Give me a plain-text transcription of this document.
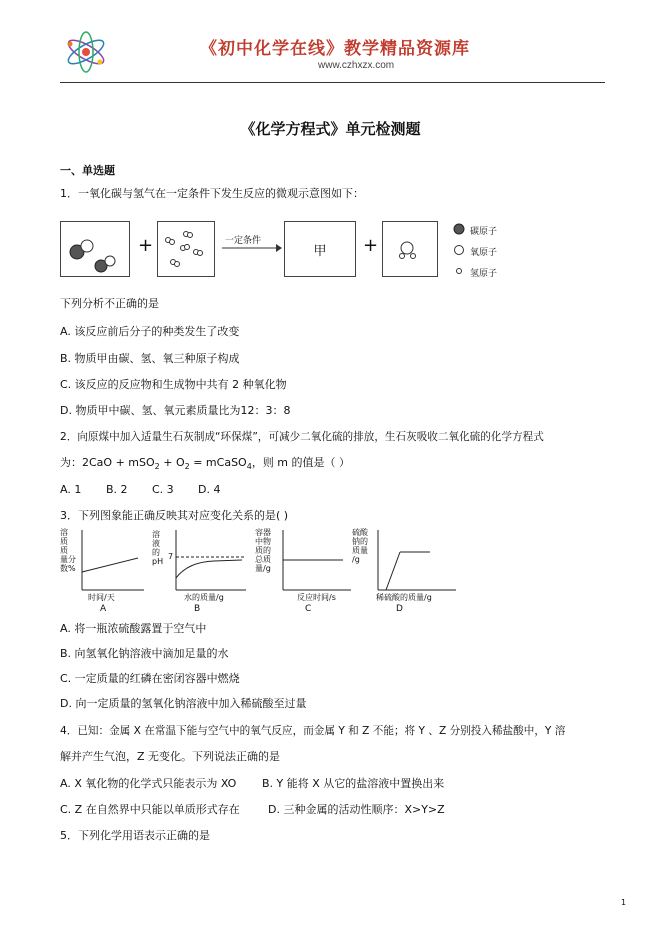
《初中化学在线》教学精品资源库
www.czhxzx.com
《化学方程式》单元检测题
一、单选题
1．一氧化碳与氢气在一定条件下发生反应的微观示意图如下：
+	一定条件
甲	+
碳原子
氧原子
氢原子
下列分析不正确的是
A. 该反应前后分子的种类发生了改变
B. 物质甲由碳、氢、氧三种原子构成
C. 该反应的反应物和生成物中共有 2 种氧化物
D. 物质甲中碳、氢、氧元素质量比为12：3：8
2．向原煤中加入适量生石灰制成“环保煤”，可减少二氧化硫的排放，生石灰吸收二氧化硫的化学方程式
为：$2CaO + mSO_2 + O_2$ = mCaSO$_4$，则 m 的值是（ ）
A. 1 B. 2 C. 3 D. 4
3．下列图象能正确反映其对应变化关系的是( )
溶
质
质
量分
数%
时间/天
A
溶
液
的
pH
7
水的质量/g
B
容器
中物
质的
总质
量/g
反应时间/s
C
硫酸
钠的
质量
/g
稀硫酸的质量/g
D
A. 将一瓶浓硫酸露置于空气中
B. 向氢氧化钠溶液中滴加足量的水
C. 一定质量的红磷在密闭容器中燃烧
D. 向一定质量的氢氧化钠溶液中加入稀硫酸至过量
4．已知：金属 X 在常温下能与空气中的氧气反应，而金属 Y 和 Z 不能；将 Y 、Z 分别投入稀盐酸中，Y 溶
解并产生气泡，Z 无变化。下列说法正确的是
A. X 氧化物的化学式只能表示为 XO B. Y 能将 X 从它的盐溶液中置换出来
C. Z 在自然界中只能以单质形式存在	D. 三种金属的活动性顺序：X>Y>Z
5．下列化学用语表示正确的是
1
